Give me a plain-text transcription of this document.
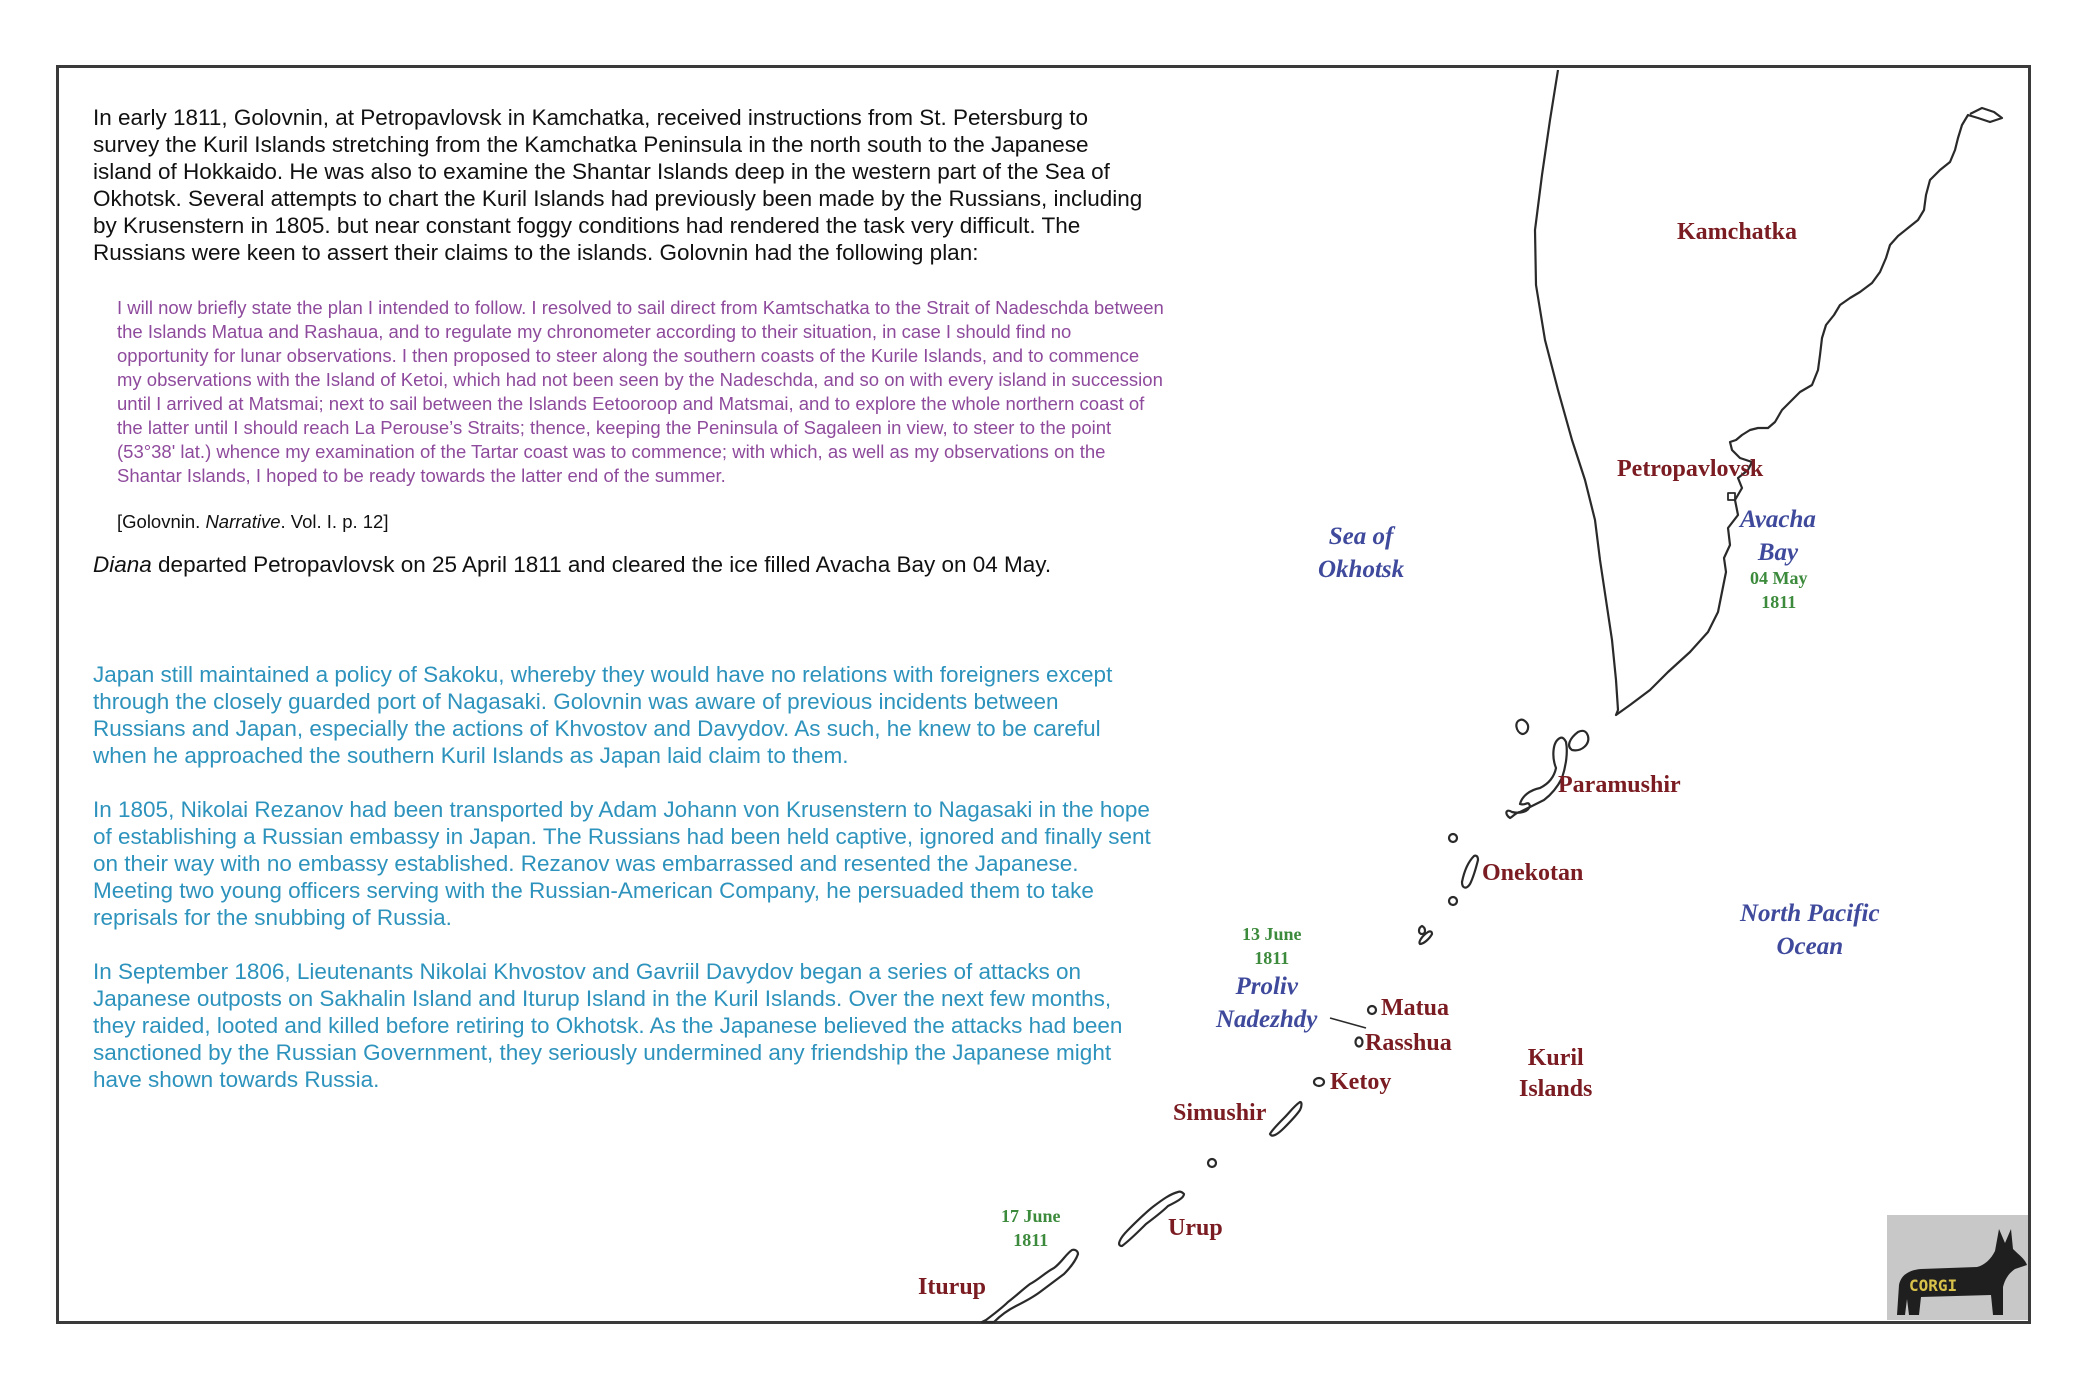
In early 1811, Golovnin, at Petropavlovsk in Kamchatka, received instructions from St. Petersburg to survey the Kuril Islands stretching from the Kamchatka Peninsula in the north south to the Japanese island of Hokkaido. He was also to examine the Shantar Islands deep in the western part of the Sea of Okhotsk. Several attempts to chart the Kuril Islands had previously been made by the Russians, including by Krusenstern in 1805. but near constant foggy conditions had rendered the task very difficult. The Russians were keen to assert their claims to the islands. Golovnin had the following plan:
I will now briefly state the plan I intended to follow. I resolved to sail direct from Kamtschatka to the Strait of Nadeschda between the Islands Matua and Rashaua, and to regulate my chronometer according to their situation, in case I should find no opportunity for lunar observations. I then proposed to steer along the southern coasts of the Kurile Islands, and to commence my observations with the Island of Ketoi, which had not been seen by the Nadeschda, and so on with every island in succession until I arrived at Matsmai; next to sail between the Islands Eetooroop and Matsmai, and to explore the whole northern coast of the latter until I should reach La Perouse’s Straits; thence, keeping the Peninsula of Sagaleen in view, to steer to the point (53°38' lat.) whence my examination of the Tartar coast was to commence; with which, as well as my observations on the Shantar Islands, I hoped to be ready towards the latter end of the summer.
[Golovnin. Narrative. Vol. I. p. 12]
Diana departed Petropavlovsk on 25 April 1811 and cleared the ice filled Avacha Bay on 04 May.
Japan still maintained a policy of Sakoku, whereby they would have no relations with foreigners except through the closely guarded port of Nagasaki. Golovnin was aware of previous incidents between Russians and Japan, especially the actions of Khvostov and Davydov. As such, he knew to be careful when he approached the southern Kuril Islands as Japan laid claim to them.
In 1805, Nikolai Rezanov had been transported by Adam Johann von Krusenstern to Nagasaki in the hope of establishing a Russian embassy in Japan. The Russians had been held captive, ignored and finally sent on their way with no embassy established. Rezanov was embarrassed and resented the Japanese. Meeting two young officers serving with the Russian-American Company, he persuaded them to take reprisals for the snubbing of Russia.
In September 1806, Lieutenants Nikolai Khvostov and Gavriil Davydov began a series of attacks on Japanese outposts on Sakhalin Island and Iturup Island in the Kuril Islands. Over the next few months, they raided, looted and killed before retiring to Okhotsk. As the Japanese believed the attacks had been sanctioned by the Russian Government, they seriously undermined any friendship the Japanese might have shown towards Russia.
Kamchatka
Petropavlovsk
Paramushir
Onekotan
Matua
Rasshua
Ketoy
Simushir
Urup
Iturup
Kuril
Islands
Sea of
Okhotsk
Avacha
Bay
North Pacific
Ocean
Proliv
Nadezhdy
04 May
1811
13 June
1811
17 June
1811
CORGI
